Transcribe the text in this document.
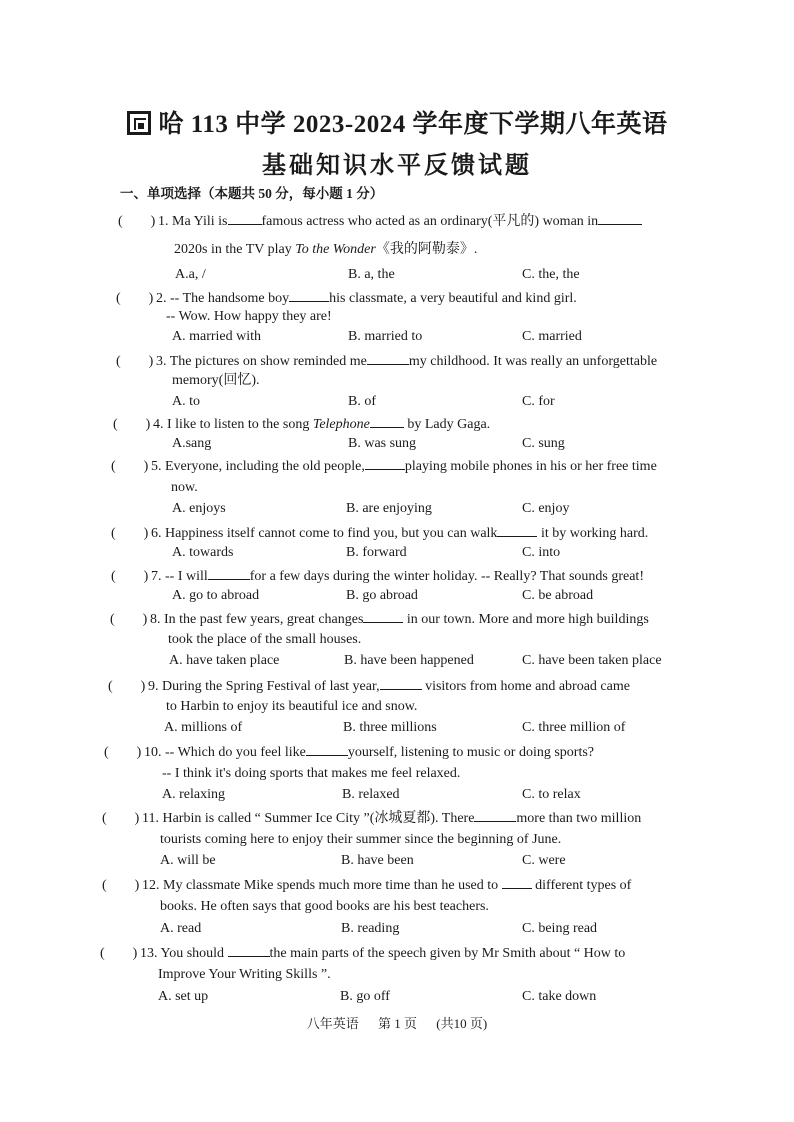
哈 113 中学 2023-2024 学年度下学期八年英语
基础知识水平反馈试题
一、单项选择（本题共 50 分，每小题 1 分）
(　　) 1. Ma Yili is famous actress who acted as an ordinary(平凡的) woman in
2020s in the TV play To the Wonder《我的阿勒泰》.
A.a, /	B. a, the	C. the, the
(　　) 2. -- The handsome boy	his classmate, a very beautiful and kind girl.
-- Wow. How happy they are!
A. married with	B. married to	C. married
(　　) 3. The pictures on show reminded me	my childhood. It was really an unforgettable
memory(回忆).
A. to	B. of	C. for
(　　) 4. I like to listen to the song Telephone by Lady Gaga.
A.sang	B. was sung	C. sung
(　　) 5. Everyone, including the old people,	playing mobile phones in his or her free time
now.
A. enjoys	B. are enjoying	C. enjoy
(　　) 6. Happiness itself cannot come to find you, but you can walk	it by working hard.
A. towards	B. forward	C. into
(　　) 7. -- I will	for a few days during the winter holiday. -- Really? That sounds great!
A. go to abroad	B. go abroad	C. be abroad
(　　) 8. In the past few years, great changes	in our town. More and more high buildings
took the place of the small houses.
A. have taken place	B. have been happened	C. have been taken place
(　　) 9. During the Spring Festival of last year,	visitors from home and abroad came
to Harbin to enjoy its beautiful ice and snow.
A. millions of	B. three millions	C. three million of
(　　) 10. -- Which do you feel like	yourself, listening to music or doing sports?
-- I think it's doing sports that makes me feel relaxed.
A. relaxing	B. relaxed	C. to relax
(　　) 11. Harbin is called “ Summer Ice City ”(冰城夏都). There	more than two million
tourists coming here to enjoy their summer since the beginning of June.
A. will be	B. have been	C. were
(　　) 12. My classmate Mike spends much more time than he used to  different types of
books. He often says that good books are his best teachers.
A. read	B. reading	C. being read
(　　) 13. You should	the main parts of the speech given by Mr Smith about “ How to
Improve Your Writing Skills ”.
A. set up	B. go off	C. take down
八年英语 第 1 页 (共10 页)
